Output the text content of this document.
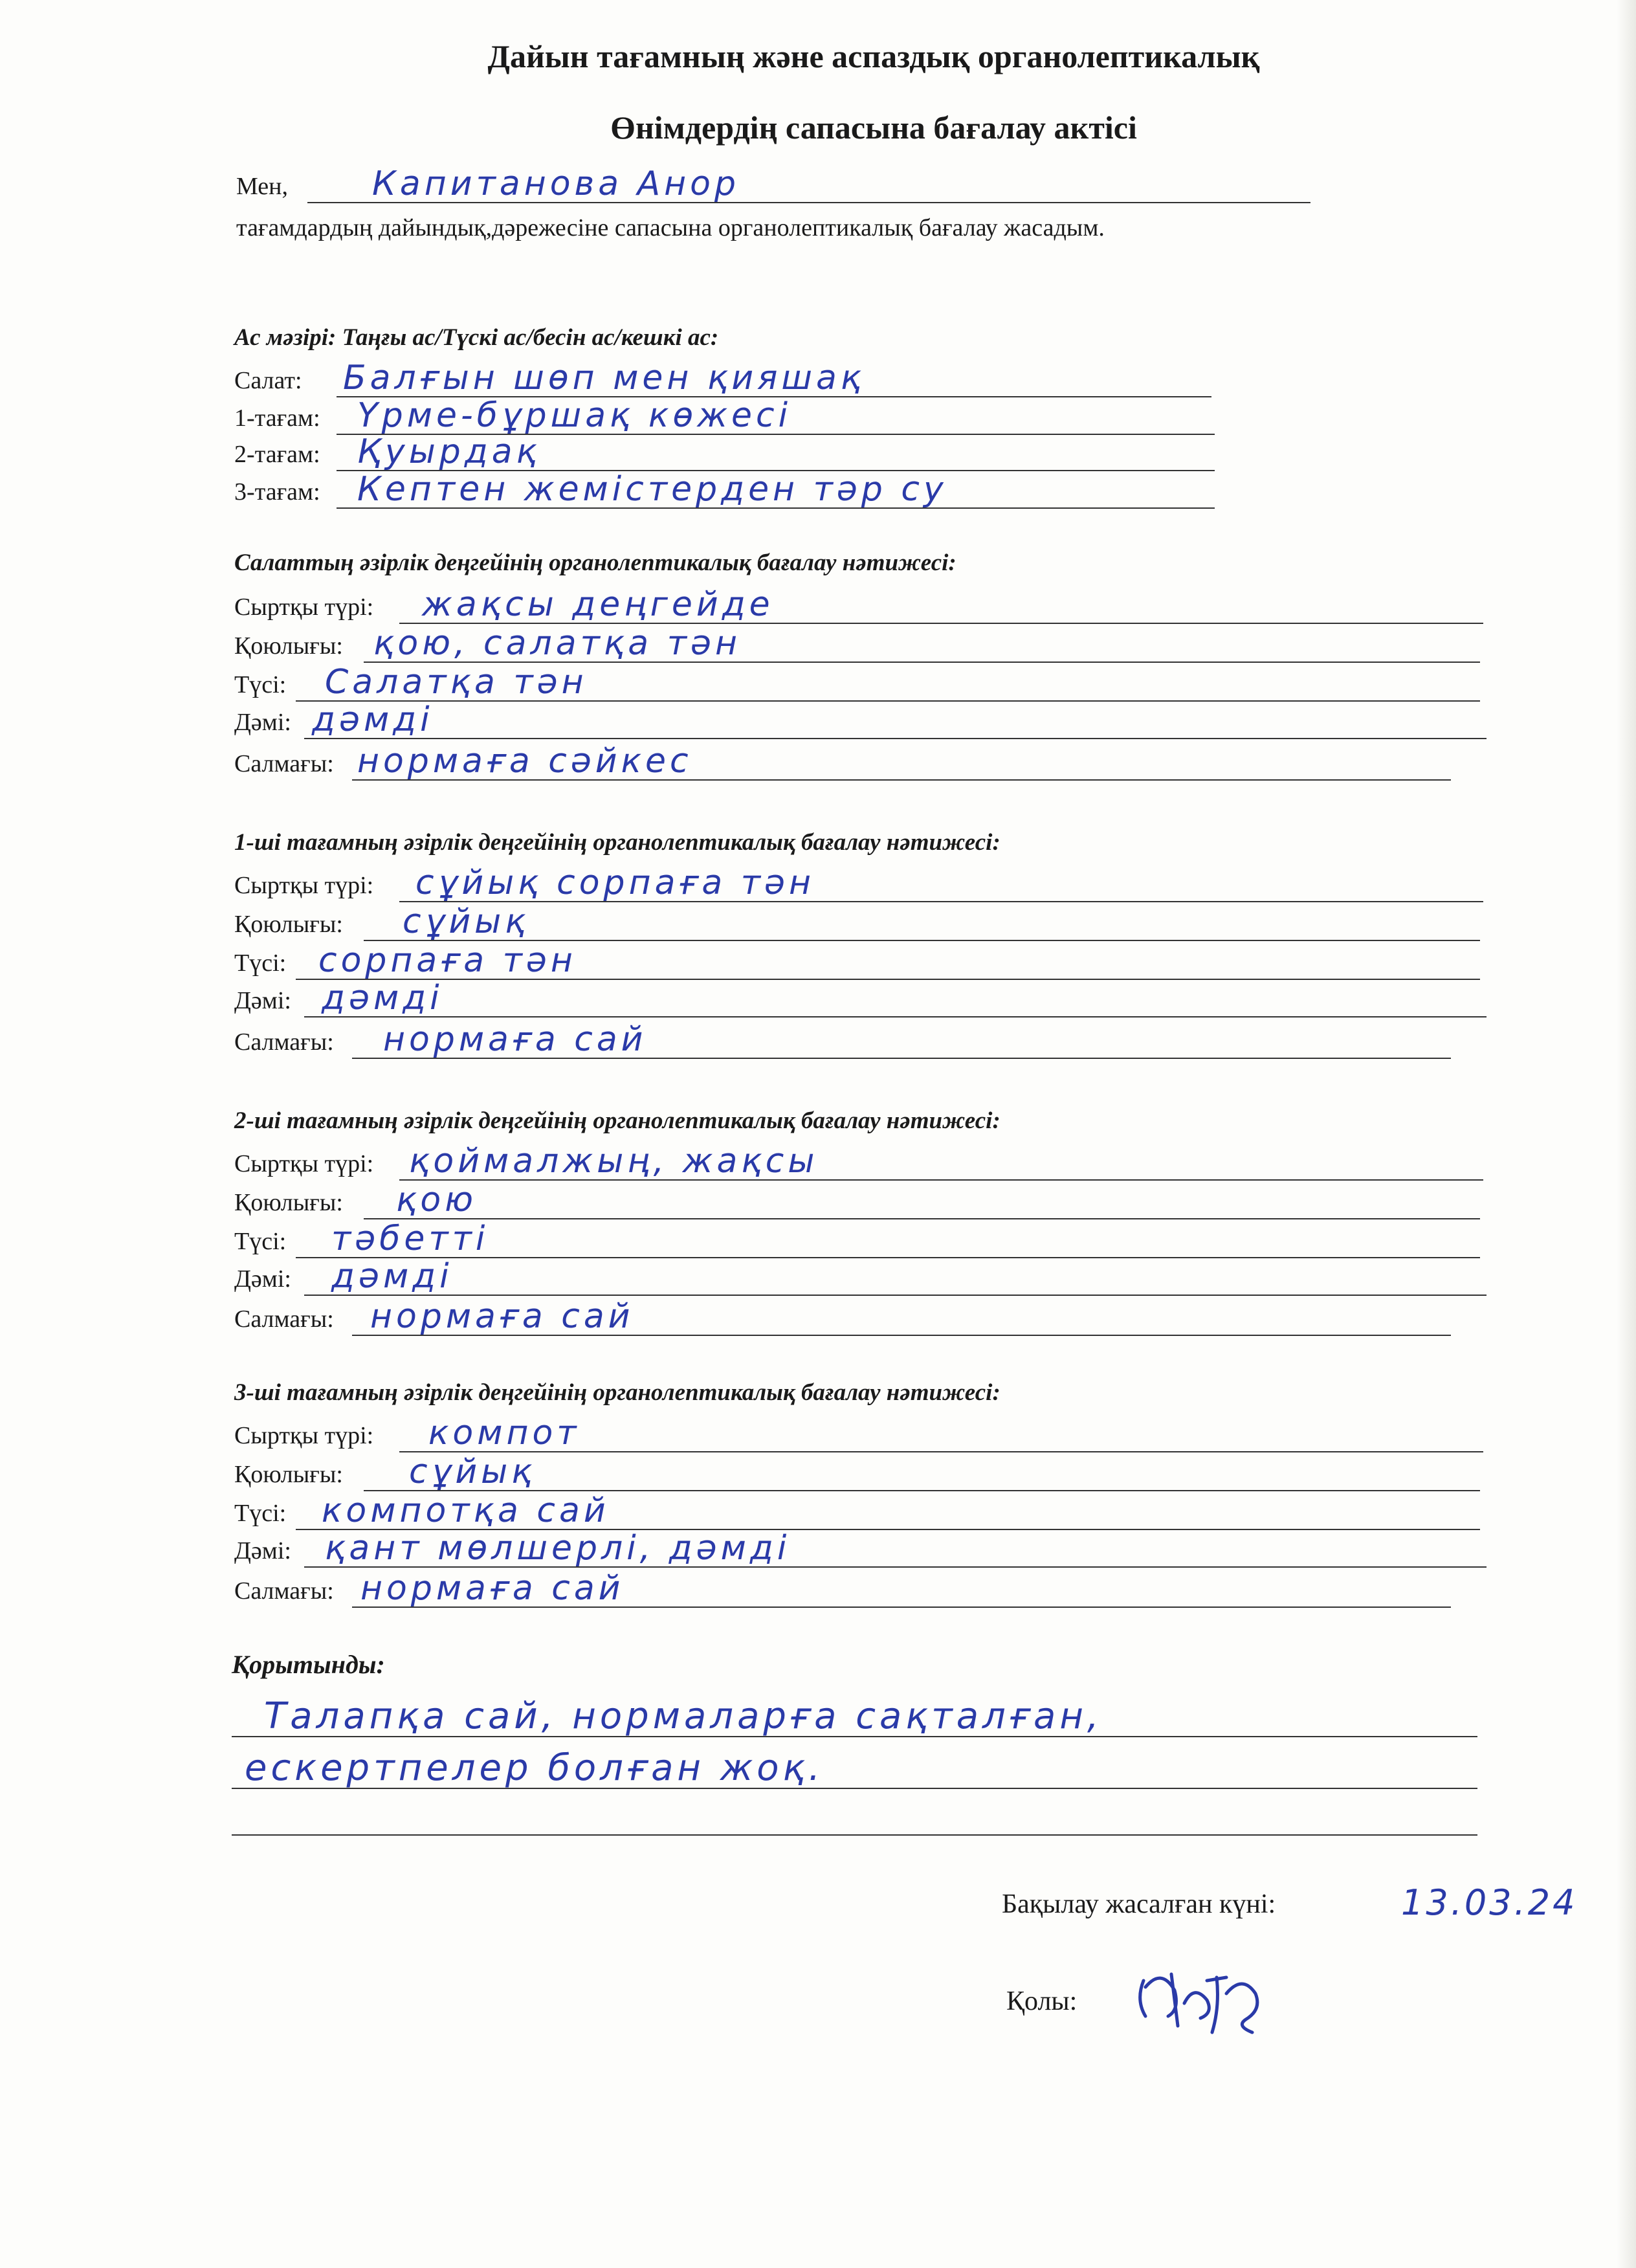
Дайын тағамның және аспаздық органолептикалық
Өнімдердің сапасына бағалау актісі
Мен,	Капитанова Анор
тағамдардың дайындық,дәрежесіне сапасына органолептикалық бағалау жасадым.
Ас мәзірі: Таңғы ас/Түскі ас/бесін ас/кешкі ас:
Салат: Балғын шөп мен қияшақ
1-тағам: Үрме-бұршақ көжесі
2-тағам: Қуырдақ
3-тағам: Кептен жемістерден тәр су
Салаттың әзірлік деңгейінің органолептикалық бағалау нәтижесі:
Сыртқы түрі: жақсы деңгейде
Қоюлығы: қою, салатқа тән
Түсі: Салатқа тән
Дәмі: дәмді
Салмағы: нормаға сәйкес
1-ші тағамның әзірлік деңгейінің органолептикалық бағалау нәтижесі:
Сыртқы түрі: сұйық сорпаға тән
Қоюлығы: сұйық
Түсі: сорпаға тән
Дәмі: дәмді
Салмағы: нормаға сай
2-ші тағамның әзірлік деңгейінің органолептикалық бағалау нәтижесі:
Сыртқы түрі: қоймалжың, жақсы
Қоюлығы: қою
Түсі: тәбетті
Дәмі: дәмді
Салмағы: нормаға сай
3-ші тағамның әзірлік деңгейінің органолептикалық бағалау нәтижесі:
Сыртқы түрі: компот
Қоюлығы: сұйық
Түсі: компотқа сай
Дәмі: қант мөлшерлі, дәмді
Салмағы: нормаға сай
Қорытынды:
Талапқа сай, нормаларға сақталған,
ескертпелер болған жоқ.
Бақылау жасалған күні:	13.03.24
Қолы:
